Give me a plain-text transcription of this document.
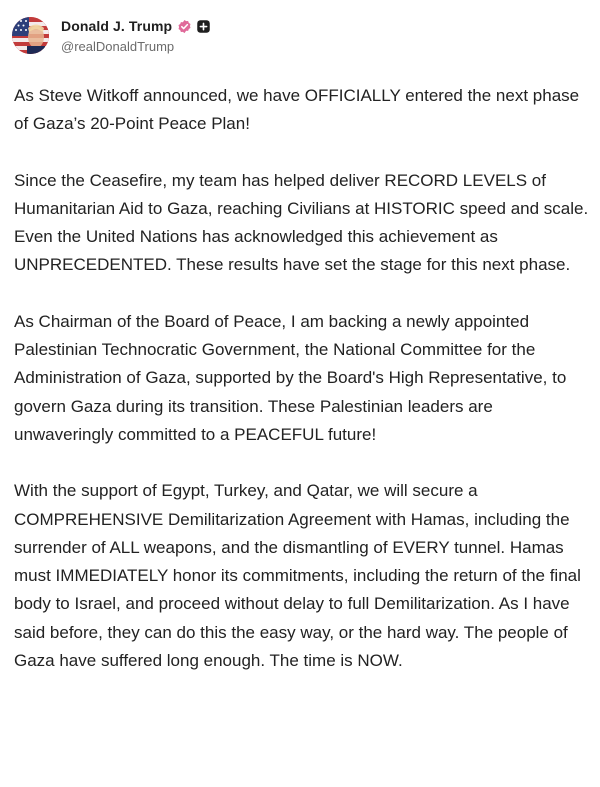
Donald J. Trump
@realDonaldTrump

As Steve Witkoff announced, we have OFFICIALLY entered the next phase of Gaza’s 20-Point Peace Plan!

Since the Ceasefire, my team has helped deliver RECORD LEVELS of Humanitarian Aid to Gaza, reaching Civilians at HISTORIC speed and scale. Even the United Nations has acknowledged this achievement as UNPRECEDENTED. These results have set the stage for this next phase.

As Chairman of the Board of Peace, I am backing a newly appointed Palestinian Technocratic Government, the National Committee for the Administration of Gaza, supported by the Board's High Representative, to govern Gaza during its transition. These Palestinian leaders are unwaveringly committed to a PEACEFUL future!

With the support of Egypt, Turkey, and Qatar, we will secure a COMPREHENSIVE Demilitarization Agreement with Hamas, including the surrender of ALL weapons, and the dismantling of EVERY tunnel. Hamas must IMMEDIATELY honor its commitments, including the return of the final body to Israel, and proceed without delay to full Demilitarization. As I have said before, they can do this the easy way, or the hard way. The people of Gaza have suffered long enough. The time is NOW.
